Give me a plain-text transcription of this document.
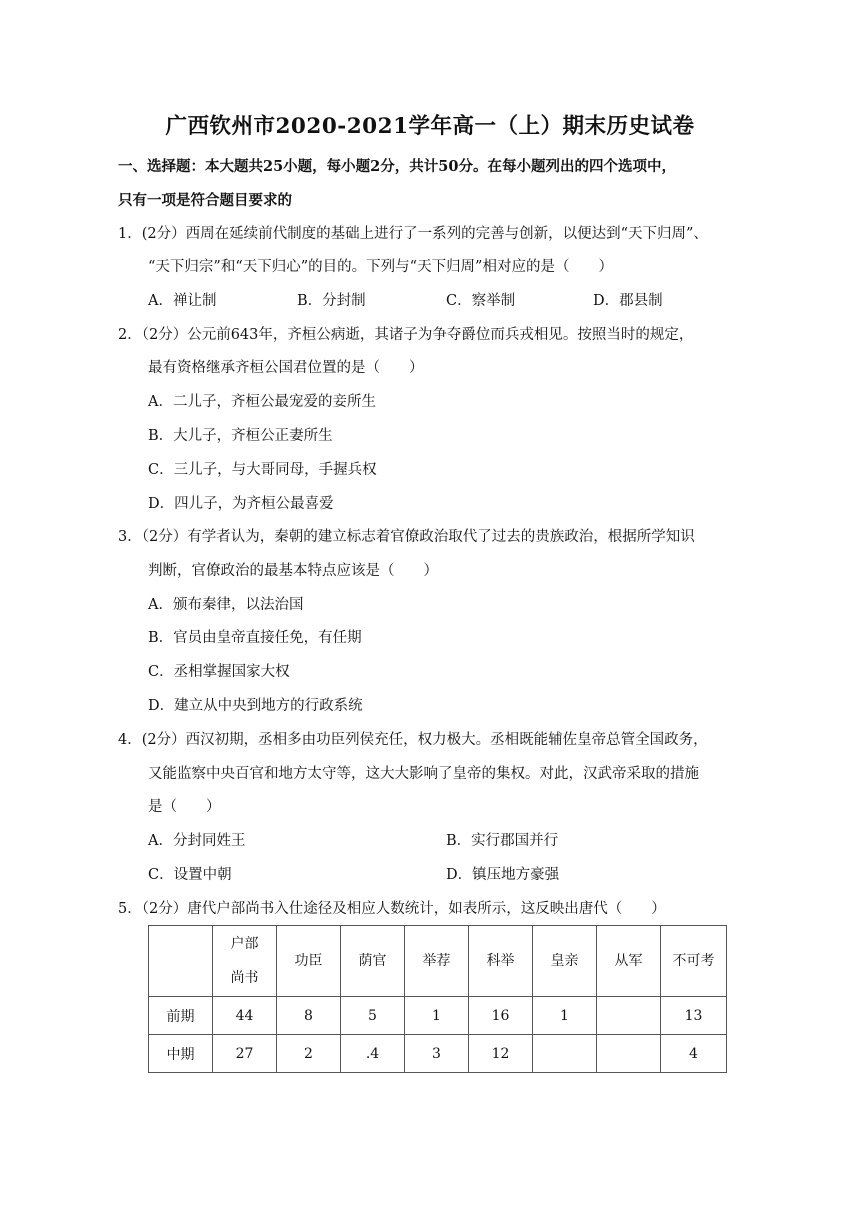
广西钦州市2020-2021学年高一（上）期末历史试卷
一、选择题：本大题共25小题，每小题2分，共计50分。在每小题列出的四个选项中，
只有一项是符合题目要求的
1．(2分）西周在延续前代制度的基础上进行了一系列的完善与创新，以便达到“天下归周”、
“天下归宗”和“天下归心”的目的。下列与“天下归周”相对应的是（　　）
A．禅让制	B．分封制	C．察举制	D．郡县制
2．（2分）公元前643年，齐桓公病逝，其诸子为争夺爵位而兵戎相见。按照当时的规定，
最有资格继承齐桓公国君位置的是（　　）
A．二儿子，齐桓公最宠爱的妾所生
B．大儿子，齐桓公正妻所生
C．三儿子，与大哥同母，手握兵权
D．四儿子，为齐桓公最喜爱
3．（2分）有学者认为，秦朝的建立标志着官僚政治取代了过去的贵族政治，根据所学知识
判断，官僚政治的最基本特点应该是（　　）
A．颁布秦律，以法治国
B．官员由皇帝直接任免，有任期
C．丞相掌握国家大权
D．建立从中央到地方的行政系统
4．(2分）西汉初期，丞相多由功臣列侯充任，权力极大。丞相既能辅佐皇帝总管全国政务，
又能监察中央百官和地方太守等，这大大影响了皇帝的集权。对此，汉武帝采取的措施
是（　　）
A．分封同姓王	B．实行郡国并行
C．设置中朝	D．镇压地方豪强
5．（2分）唐代户部尚书入仕途径及相应人数统计，如表所示，这反映出唐代（　　）
	户部尚书	功臣	荫官	举荐	科举	皇亲	从军	不可考
前期	44	8	5	1	16	1		13
中期	27	2	.4	3	12			4
